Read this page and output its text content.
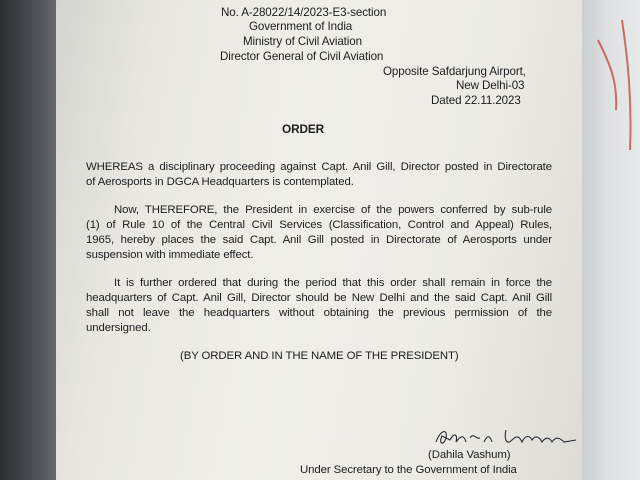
No. A-28022/14/2023-E3-section
Government of India
Ministry of Civil Aviation
Director General of Civil Aviation
Opposite Safdarjung Airport,
New Delhi-03
Dated 22.11.2023
ORDER
WHEREAS a disciplinary proceeding against Capt. Anil Gill, Director posted in Directorate
of Aerosports in DGCA Headquarters is contemplated.
Now, THEREFORE, the President in exercise of the powers conferred by sub-rule
(1) of Rule 10 of the Central Civil Services (Classification, Control and Appeal) Rules,
1965, hereby places the said Capt. Anil Gill posted in Directorate of Aerosports under
suspension with immediate effect.
It is further ordered that during the period that this order shall remain in force the
headquarters of Capt. Anil Gill, Director should be New Delhi and the said Capt. Anil Gill
shall not leave the headquarters without obtaining the previous permission of the
undersigned.
(BY ORDER AND IN THE NAME OF THE PRESIDENT)
(Dahila Vashum)
Under Secretary to the Government of India
